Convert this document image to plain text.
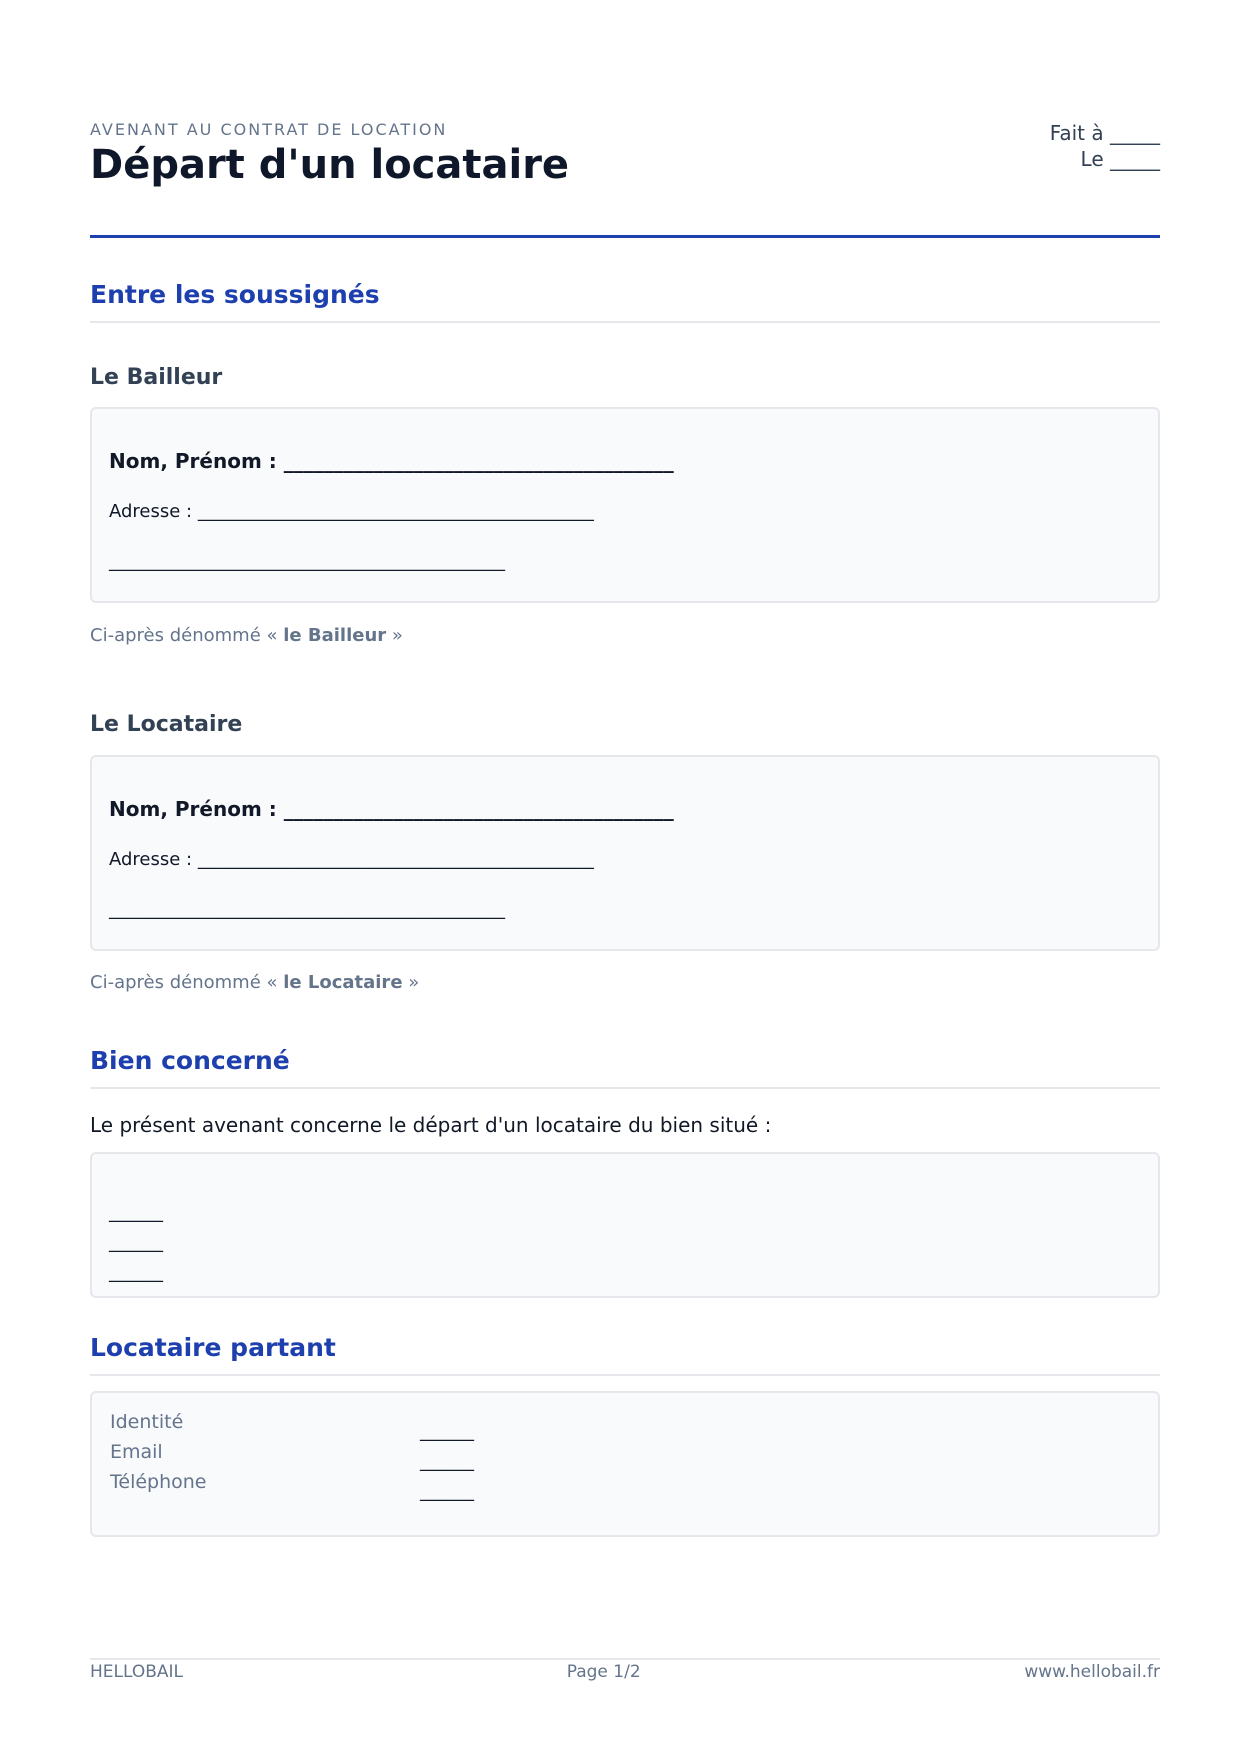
AVENANT AU CONTRAT DE LOCATION
Départ d'un locataire
Fait à _____
Le _____
Entre les soussignés
Le Bailleur
Nom, Prénom : _______________________________________
Adresse : ____________________________________________
____________________________________________
Ci-après dénommé « le Bailleur »
Le Locataire
Nom, Prénom : _______________________________________
Adresse : ____________________________________________
____________________________________________
Ci-après dénommé « le Locataire »
Bien concerné
Le présent avenant concerne le départ d'un locataire du bien situé :
______
______
______
Locataire partant
Identité
Email
Téléphone
______
______
______
HELLOBAIL	Page 1/2	www.hellobail.fr
